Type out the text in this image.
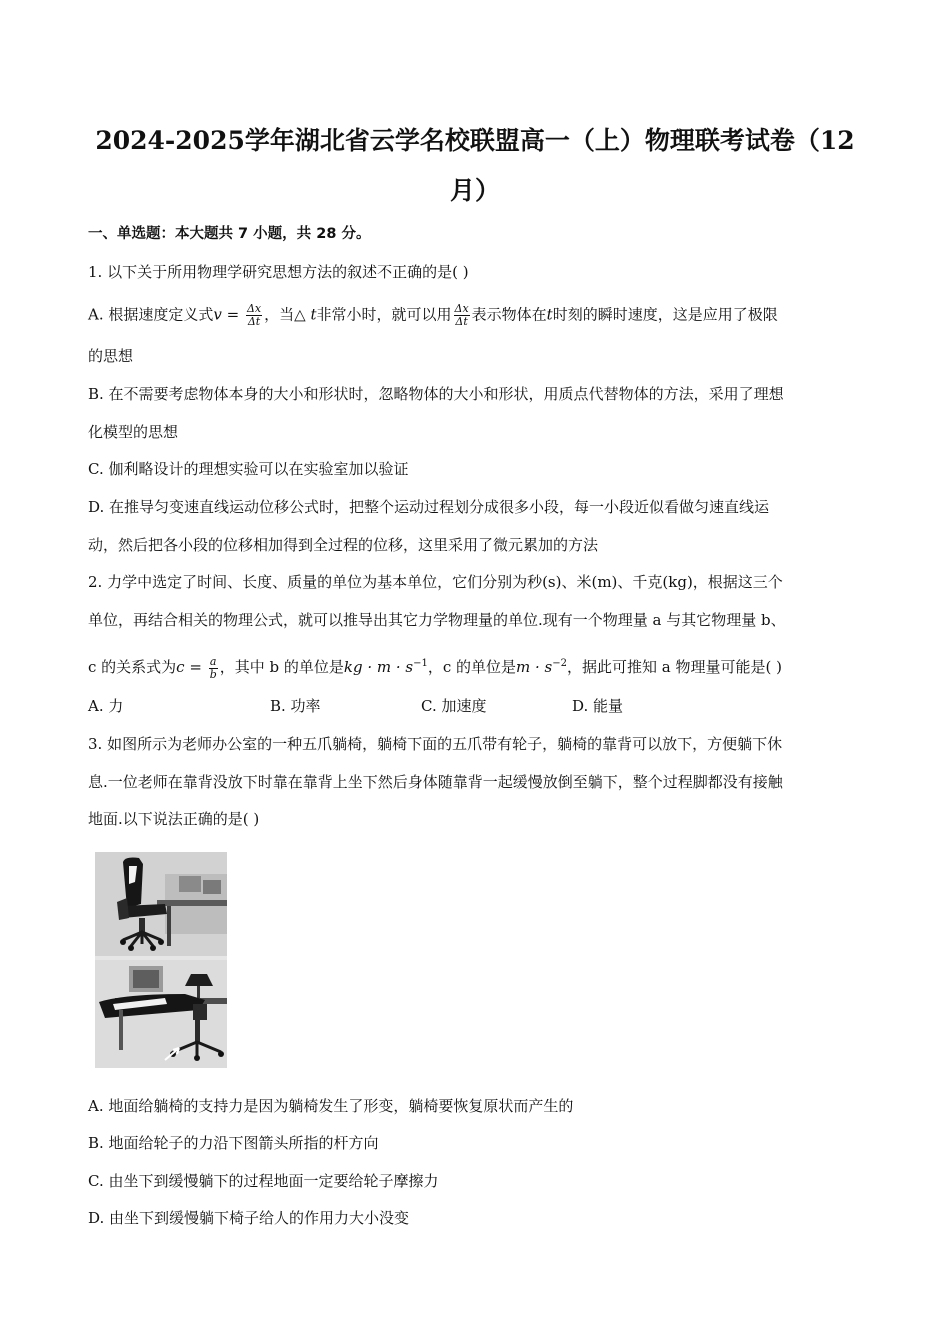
2024-2025学年湖北省云学名校联盟高一（上）物理联考试卷（12
月）
一、单选题：本大题共 7 小题，共 28 分。
1. 以下关于所用物理学研究思想方法的叙述不正确的是( )
A. 根据速度定义式$v = \frac{\Delta x}{\Delta t}$ ，当△ t非常小时，就可以用 $\frac{\Delta x}{\Delta t}$ 表示物体在t时刻的瞬时速度，这是应用了极限
的思想
B. 在不需要考虑物体本身的大小和形状时，忽略物体的大小和形状，用质点代替物体的方法，采用了理想
化模型的思想
C. 伽利略设计的理想实验可以在实验室加以验证
D. 在推导匀变速直线运动位移公式时，把整个运动过程划分成很多小段，每一小段近似看做匀速直线运
动，然后把各小段的位移相加得到全过程的位移，这里采用了微元累加的方法
2. 力学中选定了时间、长度、质量的单位为基本单位，它们分别为秒(s)、米(m)、千克(kg)，根据这三个
单位，再结合相关的物理公式，就可以推导出其它力学物理量的单位.现有一个物理量 a 与其它物理量 b、
c 的关系式为$c = \frac{a}{b}$ ，其中 b 的单位是kg · $m \cdot s^{-1}$，c 的单位是$m \cdot s^{-2}$，据此可推知 a 物理量可能是( )
A. 力	B. 功率	C. 加速度	D. 能量
3. 如图所示为老师办公室的一种五爪躺椅，躺椅下面的五爪带有轮子，躺椅的靠背可以放下，方便躺下休
息.一位老师在靠背没放下时靠在靠背上坐下然后身体随靠背一起缓慢放倒至躺下，整个过程脚都没有接触
地面.以下说法正确的是( )
A. 地面给躺椅的支持力是因为躺椅发生了形变，躺椅要恢复原状而产生的
B. 地面给轮子的力沿下图箭头所指的杆方向
C. 由坐下到缓慢躺下的过程地面一定要给轮子摩擦力
D. 由坐下到缓慢躺下椅子给人的作用力大小没变
